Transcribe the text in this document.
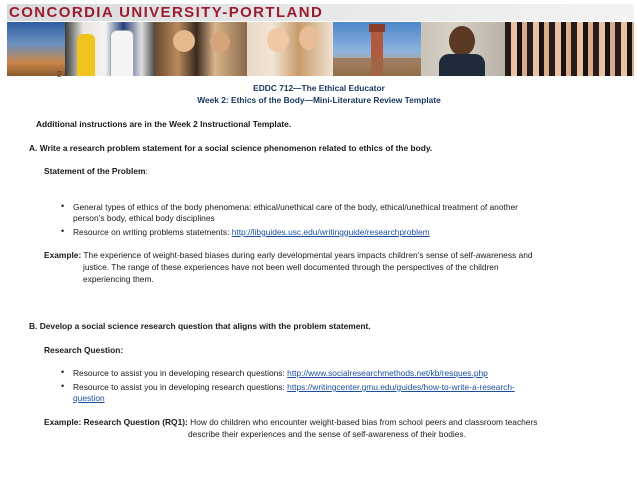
CONCORDIA UNIVERSITY-PORTLAND
2
EDDC 712—The Ethical Educator
Week 2: Ethics of the Body—Mini-Literature Review Template
Additional instructions are in the Week 2 Instructional Template.
A. Write a research problem statement for a social science phenomenon related to ethics of the body.
Statement of the Problem:
• General types of ethics of the body phenomena: ethical/unethical care of the body, ethical/unethical treatment of another
person’s body, ethical body disciplines
• Resource on writing problems statements: http://libguides.usc.edu/writingguide/researchproblem
Example: The experience of weight-based biases during early developmental years impacts children’s sense of self-awareness and
justice. The range of these experiences have not been well documented through the perspectives of the children
experiencing them.
B. Develop a social science research question that aligns with the problem statement.
Research Question:
• Resource to assist you in developing research questions: http://www.socialresearchmethods.net/kb/resques.php
• Resource to assist you in developing research questions: https://writingcenter.gmu.edu/guides/how-to-write-a-research-
question
Example: Research Question (RQ1): How do children who encounter weight-based bias from school peers and classroom teachers
describe their experiences and the sense of self-awareness of their bodies.
